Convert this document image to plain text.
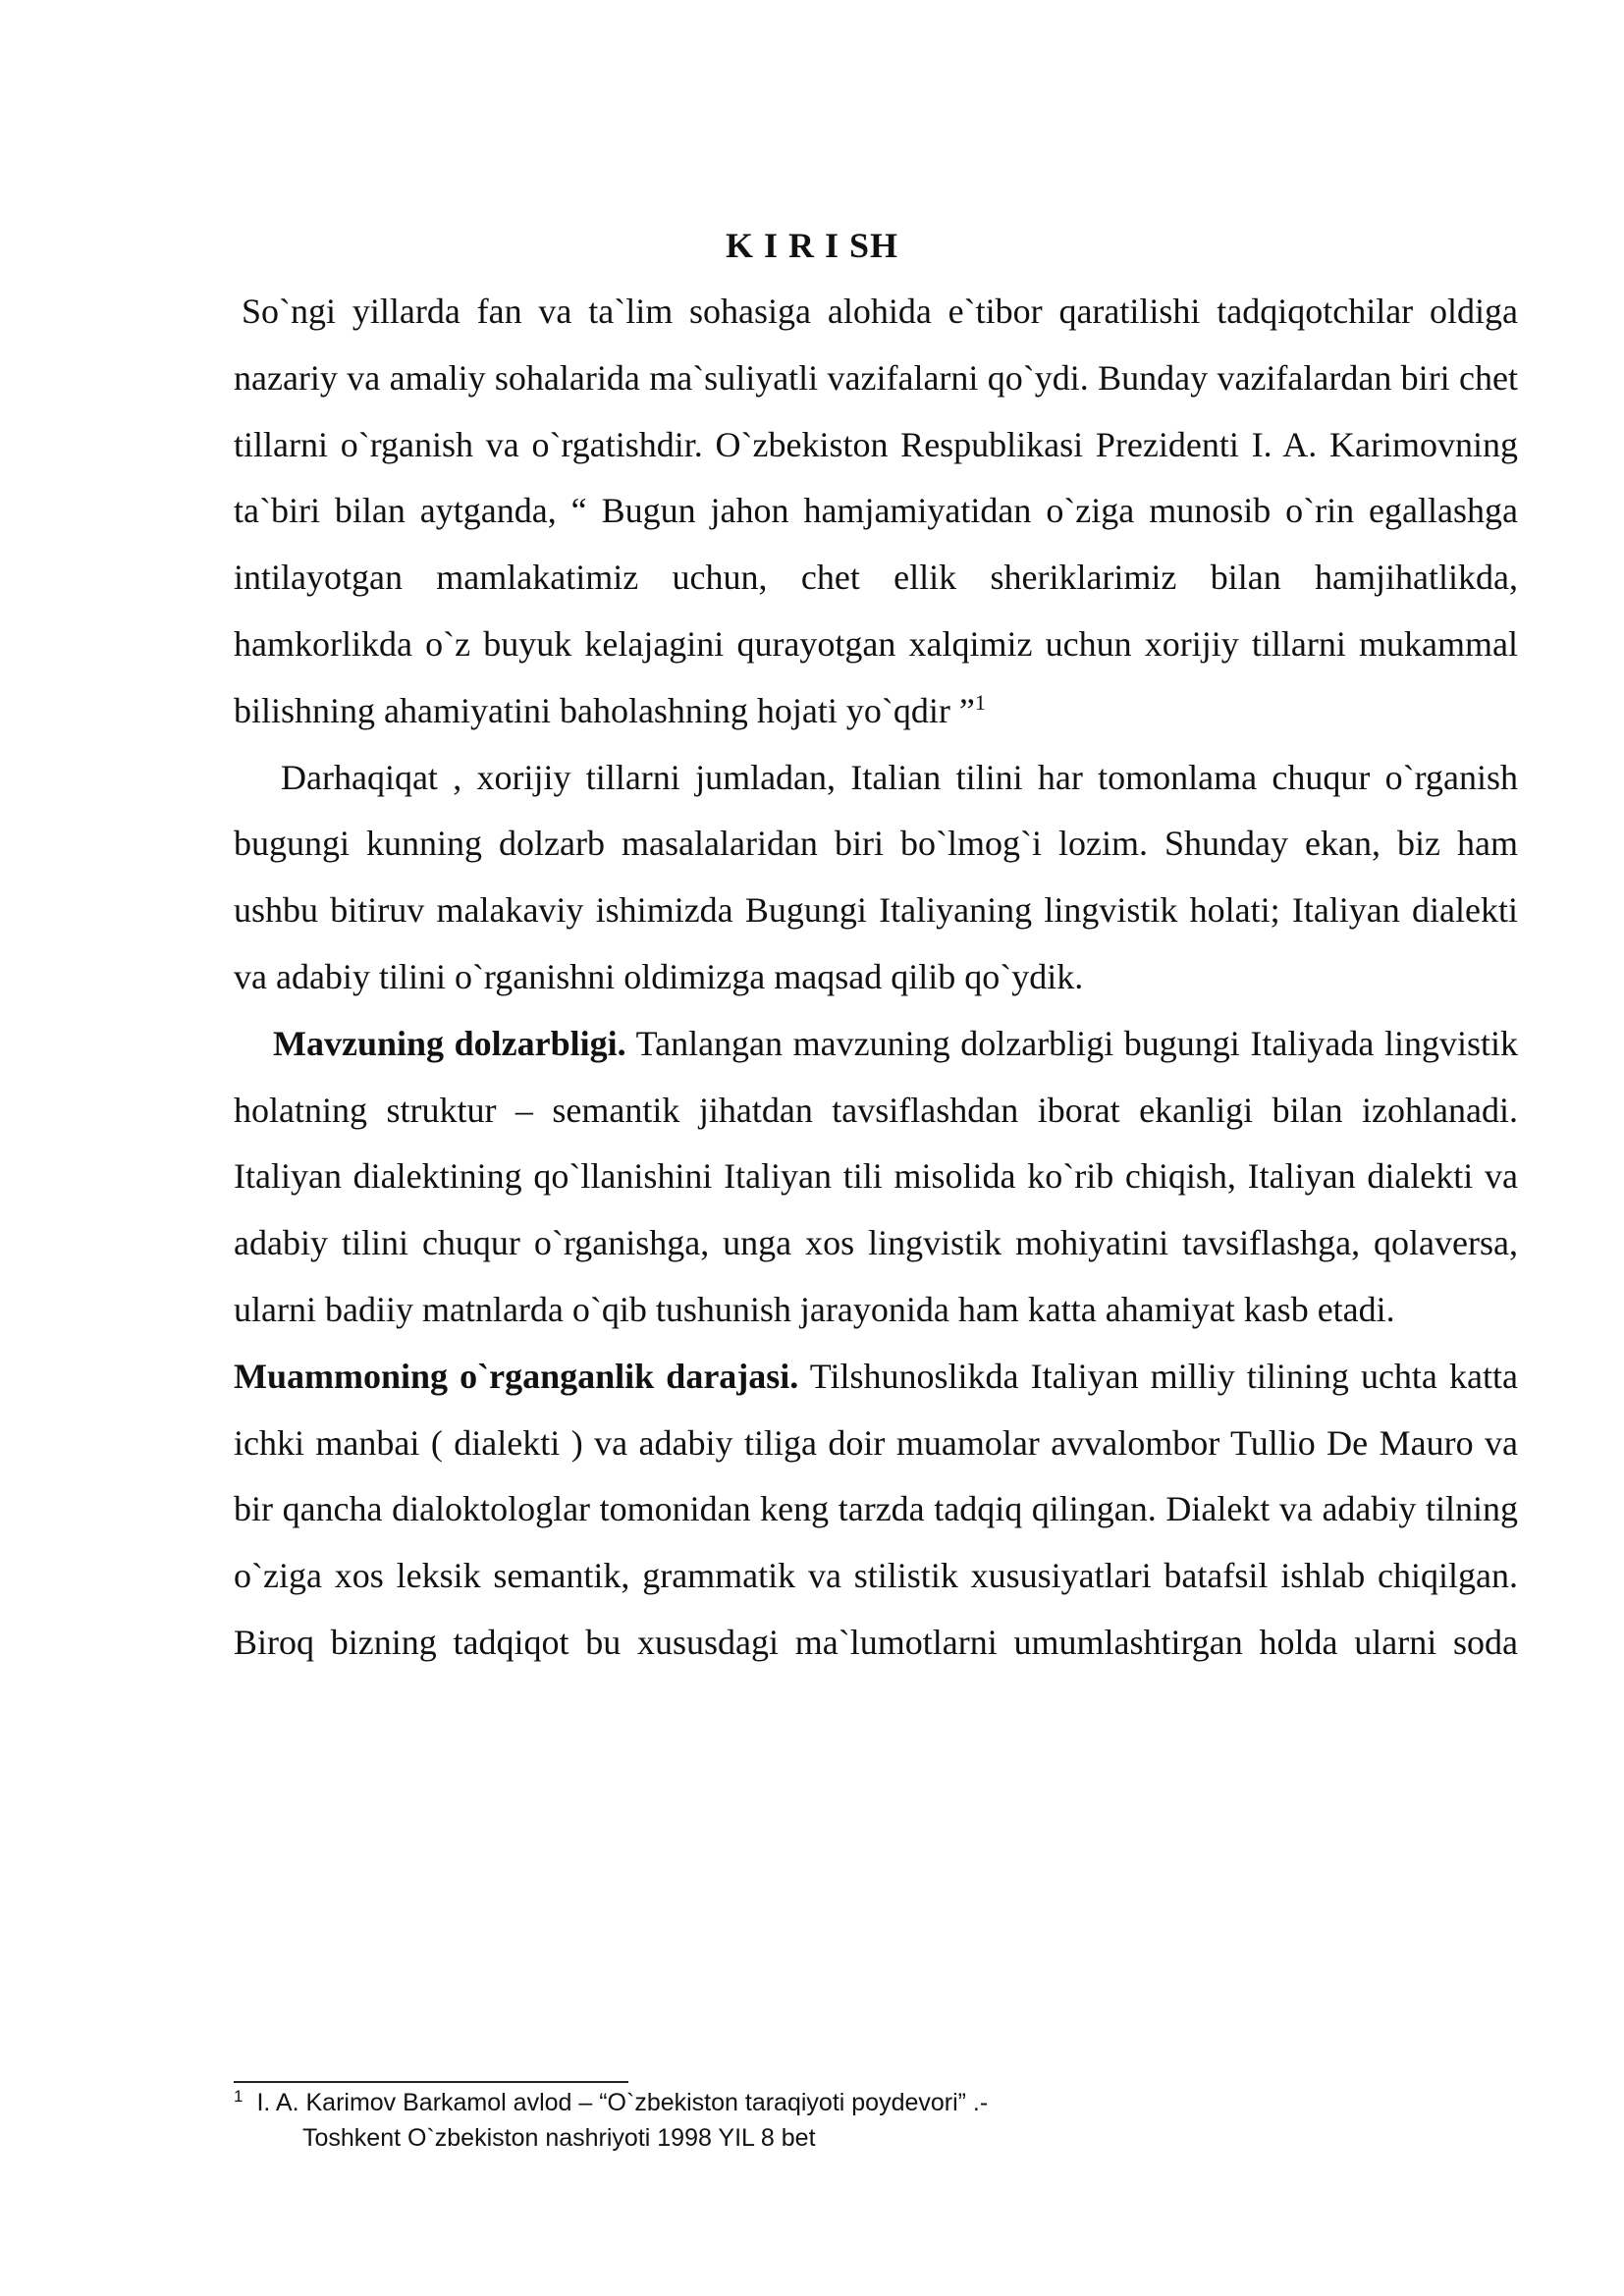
K I R I SH

So`ngi yillarda fan va ta`lim sohasiga alohida e`tibor qaratilishi tadqiqotchilar oldiga nazariy va amaliy sohalarida ma`suliyatli vazifalarni qo`ydi. Bunday vazifalardan biri chet tillarni o`rganish va o`rgatishdir. O`zbekiston Respublikasi Prezidenti I. A. Karimovning ta`biri bilan aytganda, “ Bugun jahon hamjamiyatidan o`ziga munosib o`rin egallashga intilayotgan mamlakatimiz uchun, chet ellik sheriklarimiz bilan hamjihatlikda, hamkorlikda o`z buyuk kelajagini qurayotgan xalqimiz uchun xorijiy tillarni mukammal bilishning ahamiyatini baholashning hojati yo`qdir ”$^1$

Darhaqiqat , xorijiy tillarni jumladan, Italian tilini har tomonlama chuqur o`rganish bugungi kunning dolzarb masalalaridan biri bo`lmog`i lozim. Shunday ekan, biz ham ushbu bitiruv malakaviy ishimizda Bugungi Italiyaning lingvistik holati; Italiyan dialekti va adabiy tilini o`rganishni oldimizga maqsad qilib qo`ydik.

Mavzuning dolzarbligi. Tanlangan mavzuning dolzarbligi bugungi Italiyada lingvistik holatning struktur – semantik jihatdan tavsiflashdan iborat ekanligi bilan izohlanadi. Italiyan dialektining qo`llanishini Italiyan tili misolida ko`rib chiqish, Italiyan dialekti va adabiy tilini chuqur o`rganishga, unga xos lingvistik mohiyatini tavsiflashga, qolaversa, ularni badiiy matnlarda o`qib tushunish jarayonida ham katta ahamiyat kasb etadi.

Muammoning o`rganganlik darajasi. Tilshunoslikda Italiyan milliy tilining uchta katta ichki manbai ( dialekti ) va adabiy tiliga doir muamolar avvalombor Tullio De Mauro va bir qancha dialoktologlar tomonidan keng tarzda tadqiq qilingan. Dialekt va adabiy tilning o`ziga xos leksik semantik, grammatik va stilistik xususiyatlari batafsil ishlab chiqilgan. Biroq bizning tadqiqot bu xususdagi ma`lumotlarni umumlashtirgan holda ularni soda

$^1$ I. A. Karimov Barkamol avlod – “O`zbekiston taraqiyoti poydevori” .-
Toshkent O`zbekiston nashriyoti 1998 YIL 8 bet
